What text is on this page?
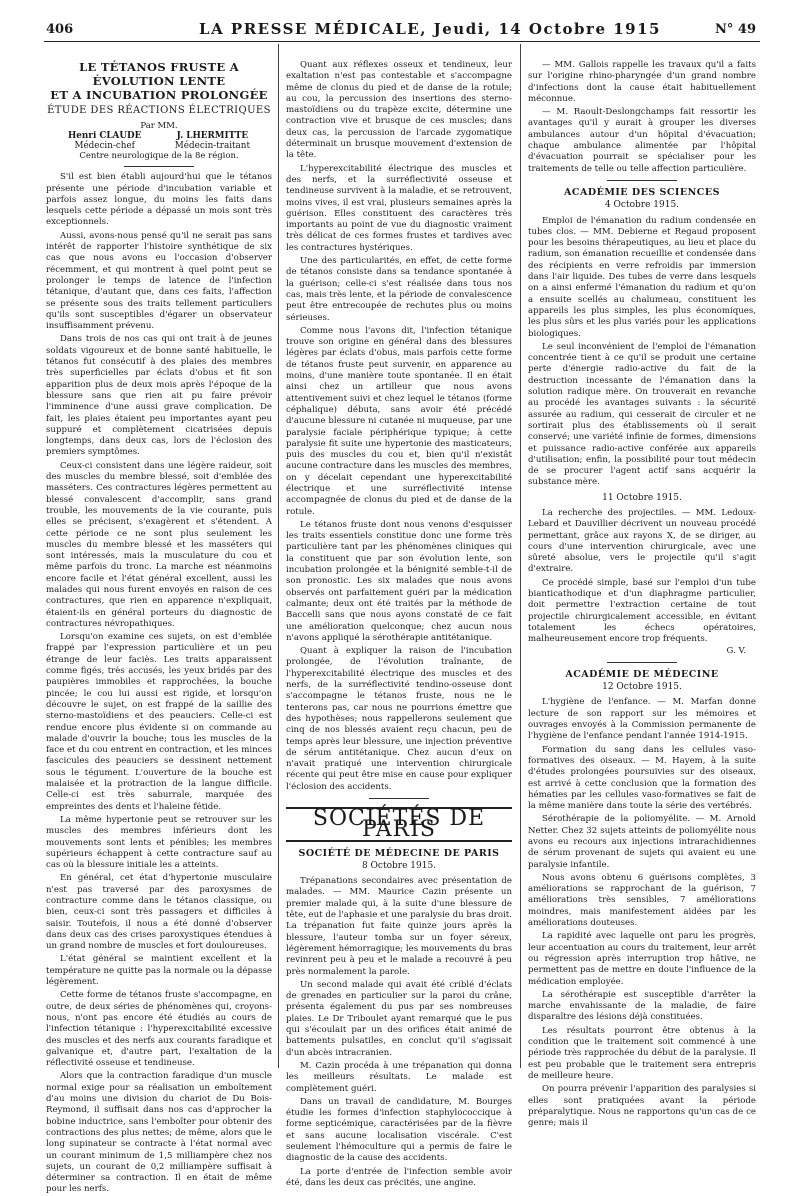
406	LA PRESSE MÉDICALE, Jeudi, 14 Octobre 1915	N° 49
LE TÉTANOS FRUSTE A ÉVOLUTION LENTE
ET A INCUBATION PROLONGÉE
ÉTUDE DES RÉACTIONS ÉLECTRIQUES
Par MM.
Henri CLAUDE
Médecin-chef
J. LHERMITTE
Médecin-traitant
Centre neurologique de la 8e région.

S'il est bien établi aujourd'hui que le tétanos présente une période d'incubation variable et parfois assez longue, du moins les faits dans lesquels cette période a dépassé un mois sont très exceptionnels.

Aussi, avons-nous pensé qu'il ne serait pas sans intérêt de rapporter l'histoire synthétique de six cas que nous avons eu l'occasion d'observer récemment, et qui montrent à quel point peut se prolonger le temps de latence de l'infection tétanique, d'autant que, dans ces faits, l'affection se présente sous des traits tellement particuliers qu'ils sont susceptibles d'égarer un observateur insuffisamment prévenu.

Dans trois de nos cas qui ont trait à de jeunes soldats vigoureux et de bonne santé habituelle, le tétanos fut consécutif à des plaies des membres très superficielles par éclats d'obus et fit son apparition plus de deux mois après l'époque de la blessure sans que rien ait pu faire prévoir l'imminence d'une aussi grave complication. De fait, les plaies étaient peu importantes ayant peu suppuré et complètement cicatrisées depuis longtemps, dans deux cas, lors de l'éclosion des premiers symptômes.

Ceux-ci consistent dans une légère raideur, soit des muscles du membre blessé, soit d'emblée des masséters. Ces contractures légères permettent au blessé convalescent d'accomplir, sans grand trouble, les mouvements de la vie courante, puis elles se précisent, s'exagèrent et s'étendent. A cette période ce ne sont plus seulement les muscles du membre blessé et les masséters qui sont intéressés, mais la musculature du cou et même parfois du tronc. La marche est néanmoins encore facile et l'état général excellent, aussi les malades qui nous furent envoyés en raison de ces contractures, que rien en apparence n'expliquait, étaient-ils en général porteurs du diagnostic de contractures névropathiques.

Lorsqu'on examine ces sujets, on est d'emblée frappé par l'expression particulière et un peu étrange de leur faciès. Les traits apparaissent comme figés, très accusés, les yeux bridés par des paupières immobiles et rapprochées, la bouche pincée; le cou lui aussi est rigide, et lorsqu'on découvre le sujet, on est frappé de la saillie des sterno-mastoïdiens et des peauciers. Celle-ci est rendue encore plus évidente si on commande au malade d'ouvrir la bouche; tous les muscles de la face et du cou entrent en contraction, et les minces fascicules des peauciers se dessinent nettement sous le tégument. L'ouverture de la bouche est malaisée et la protraction de la langue difficile. Celle-ci est très saburrale, marquée des empreintes des dents et l'haleine fétide.

La même hypertonie peut se retrouver sur les muscles des membres inférieurs dont les mouvements sont lents et pénibles; les membres supérieurs échappent à cette contracture sauf au cas où la blessure initiale les a atteints.

En général, cet état d'hypertonie musculaire n'est pas traversé par des paroxysmes de contracture comme dans le tétanos classique, ou bien, ceux-ci sont très passagers et difficiles à saisir. Toutefois, il nous a été donné d'observer dans deux cas des crises paroxystiques étendues à un grand nombre de muscles et fort douloureuses.

L'état général se maintient excellent et la température ne quitte pas la normale ou la dépasse légèrement.

Cette forme de tétanos fruste s'accompagne, en outre, de deux séries de phénomènes qui, croyons-nous, n'ont pas encore été étudiés au cours de l'infection tétanique : l'hyperexcitabilité excessive des muscles et des nerfs aux courants faradique et galvanique et, d'autre part, l'exaltation de la réflectivité osseuse et tendineuse.

Alors que la contraction faradique d'un muscle normal exige pour sa réalisation un emboîtement d'au moins une division du chariot de Du Bois-Reymond, il suffisait dans nos cas d'approcher la bobine inductrice, sans l'emboîter pour obtenir des contractions des plus nettes; de même, alors que le long supinateur se contracte à l'état normal avec un courant minimum de 1,5 milliampère chez nos sujets, un courant de 0,2 milliampère suffisait à déterminer sa contraction. Il en était de même pour les nerfs.

Quant aux réflexes osseux et tendineux, leur exaltation n'est pas contestable et s'accompagne même de clonus du pied et de danse de la rotule; au cou, la percussion des insertions des sterno-mastoïdiens ou du trapèze excite, détermine une contraction vive et brusque de ces muscles; dans deux cas, la percussion de l'arcade zygomatique déterminait un brusque mouvement d'extension de la tête.

L'hyperexcitabilité électrique des muscles et des nerfs, et la surréflectivité osseuse et tendineuse survivent à la maladie, et se retrouvent, moins vives, il est vrai, plusieurs semaines après la guérison. Elles constituent des caractères très importants au point de vue du diagnostic vraiment très délicat de ces formes frustes et tardives avec les contractures hystériques.

Une des particularités, en effet, de cette forme de tétanos consiste dans sa tendance spontanée à la guérison; celle-ci s'est réalisée dans tous nos cas, mais très lente, et la période de convalescence peut être entrecoupée de rechutes plus ou moins sérieuses.

Comme nous l'avons dit, l'infection tétanique trouve son origine en général dans des blessures légères par éclats d'obus, mais parfois cette forme de tétanos fruste peut survenir, en apparence au moins, d'une manière toute spontanée. Il en était ainsi chez un artilleur que nous avons attentivement suivi et chez lequel le tétanos (forme céphalique) débuta, sans avoir été précédé d'aucune blessure ni cutanée ni muqueuse, par une paralysie faciale périphérique typique; à cette paralysie fit suite une hypertonie des masticateurs, puis des muscles du cou et, bien qu'il n'existât aucune contracture dans les muscles des membres, on y décelait cependant une hyperexcitabilité électrique et une surréflectivité intense accompagnée de clonus du pied et de danse de la rotule.

Le tétanos fruste dont nous venons d'esquisser les traits essentiels constitue donc une forme très particulière tant par les phénomènes cliniques qui la constituent que par son évolution lente, son incubation prolongée et la bénignité semble-t-il de son pronostic. Les six malades que nous avons observés ont parfaitement guéri par la médication calmante; deux ont été traités par la méthode de Baccelli sans que nous ayons constaté de ce fait une amélioration quelconque; chez aucun nous n'avons appliqué la sérothérapie antitétanique.

Quant à expliquer la raison de l'incubation prolongée, de l'évolution traînante, de l'hyperexcitabilité électrique des muscles et des nerfs, de la surréflectivité tendino-osseuse dont s'accompagne le tétanos fruste, nous ne le tenterons pas, car nous ne pourrions émettre que des hypothèses; nous rappellerons seulement que cinq de nos blessés avaient reçu chacun, peu de temps après leur blessure, une injection préventive de sérum antitétanique. Chez aucun d'eux on n'avait pratiqué une intervention chirurgicale récente qui peut être mise en cause pour expliquer l'éclosion des accidents.

SOCIÉTÉS DE PARIS
SOCIÉTÉ DE MÉDECINE DE PARIS
8 Octobre 1915.

Trépanations secondaires avec présentation de malades. — MM. Maurice Cazin présente un premier malade qui, à la suite d'une blessure de tête, eut de l'aphasie et une paralysie du bras droit. La trépanation fut faite quinze jours après la blessure, l'auteur tomba sur un foyer séreux, légèrement hémorragique; les mouvements du bras revinrent peu à peu et le malade a recouvré à peu près normalement la parole.

Un second malade qui avait été criblé d'éclats de grenades en particulier sur la paroi du crâne, présenta également du pus par ses nombreuses plaies. Le Dr Triboulet ayant remarqué que le pus qui s'écoulait par un des orifices était animé de battements pulsatiles, en conclut qu'il s'agissait d'un abcès intracranien.

M. Cazin procéda à une trépanation qui donna les meilleurs résultats. Le malade est complètement guéri.

Dans un travail de candidature, M. Bourges étudie les formes d'infection staphylococcique à forme septicémique, caractérisées par de la fièvre et sans aucune localisation viscérale. C'est seulement l'hémoculture qui a permis de faire le diagnostic de la cause des accidents.

La porte d'entrée de l'infection semble avoir été, dans les deux cas précités, une angine.

— MM. Gallois rappelle les travaux qu'il a faits sur l'origine rhino-pharyngée d'un grand nombre d'infections dont la cause était habituellement méconnue.

— M. Raoult-Deslongchamps fait ressortir les avantages qu'il y aurait à grouper les diverses ambulances autour d'un hôpital d'évacuation; chaque ambulance alimentée par l'hôpital d'évacuation pourrait se spécialiser pour les traitements de telle ou telle affection particulière.

ACADÉMIE DES SCIENCES
4 Octobre 1915.

Emploi de l'émanation du radium condensée en tubes clos. — MM. Debierne et Regaud proposent pour les besoins thérapeutiques, au lieu et place du radium, son émanation recueillie et condensée dans des récipients en verre refroidis par immersion dans l'air liquide. Des tubes de verre dans lesquels on a ainsi enfermé l'émanation du radium et qu'on a ensuite scellés au chalumeau, constituent les appareils les plus simples, les plus économiques, les plus sûrs et les plus variés pour les applications biologiques.

Le seul inconvénient de l'emploi de l'émanation concentrée tient à ce qu'il se produit une certaine perte d'énergie radio-active du fait de la destruction incessante de l'émanation dans la solution radique mère. On trouverait en revanche au procédé les avantages suivants : la sécurité assurée au radium, qui cesserait de circuler et ne sortirait plus des établissements où il serait conservé; une variété infinie de formes, dimensions et puissance radio-active conférée aux appareils d'utilisation; enfin, la possibilité pour tout médecin de se procurer l'agent actif sans acquérir la substance mère.

11 Octobre 1915.

La recherche des projectiles. — MM. Ledoux-Lebard et Dauvillier décrivent un nouveau procédé permettant, grâce aux rayons X, de se diriger, au cours d'une intervention chirurgicale, avec une sûreté absolue, vers le projectile qu'il s'agit d'extraire.

Ce procédé simple, basé sur l'emploi d'un tube bianticathodique et d'un diaphragme particulier, doit permettre l'extraction certaine de tout projectile chirurgicalement accessible, en évitant totalement les échecs opératoires, malheureusement encore trop fréquents.

G. V.
ACADÉMIE DE MÉDECINE
12 Octobre 1915.

L'hygiène de l'enfance. — M. Marfan donne lecture de son rapport sur les mémoires et ouvrages envoyés à la Commission permanente de l'hygiène de l'enfance pendant l'année 1914-1915.

Formation du sang dans les cellules vaso-formatives des oiseaux. — M. Hayem, à la suite d'études prolongées poursuivies sur des oiseaux, est arrivé à cette conclusion que la formation des hématies par les cellules vaso-formatives se fait de la même manière dans toute la série des vertébrés.

Sérothérapie de la poliomyélite. — M. Arnold Netter. Chez 32 sujets atteints de poliomyélite nous avons eu recours aux injections intrarachidiennes de sérum provenant de sujets qui avaient eu une paralysie infantile.

Nous avons obtenu 6 guérisons complètes, 3 améliorations se rapprochant de la guérison, 7 améliorations très sensibles, 7 améliorations moindres, mais manifestement aidées par les améliorations douteuses.

La rapidité avec laquelle ont paru les progrès, leur accentuation au cours du traitement, leur arrêt ou régression après interruption trop hâtive, ne permettent pas de mettre en doute l'influence de la médication employée.

La sérothérapie est susceptible d'arrêter la marche envahissante de la maladie, de faire disparaître des lésions déjà constituées.

Les résultats pourront être obtenus à la condition que le traitement soit commencé à une période très rapprochée du début de la paralysie. Il est peu probable que le traitement sera entrepris de meilleure heure.

On pourra prévenir l'apparition des paralysies si elles sont pratiquées avant la période préparalytique. Nous ne rapportons qu'un cas de ce genre; mais il
